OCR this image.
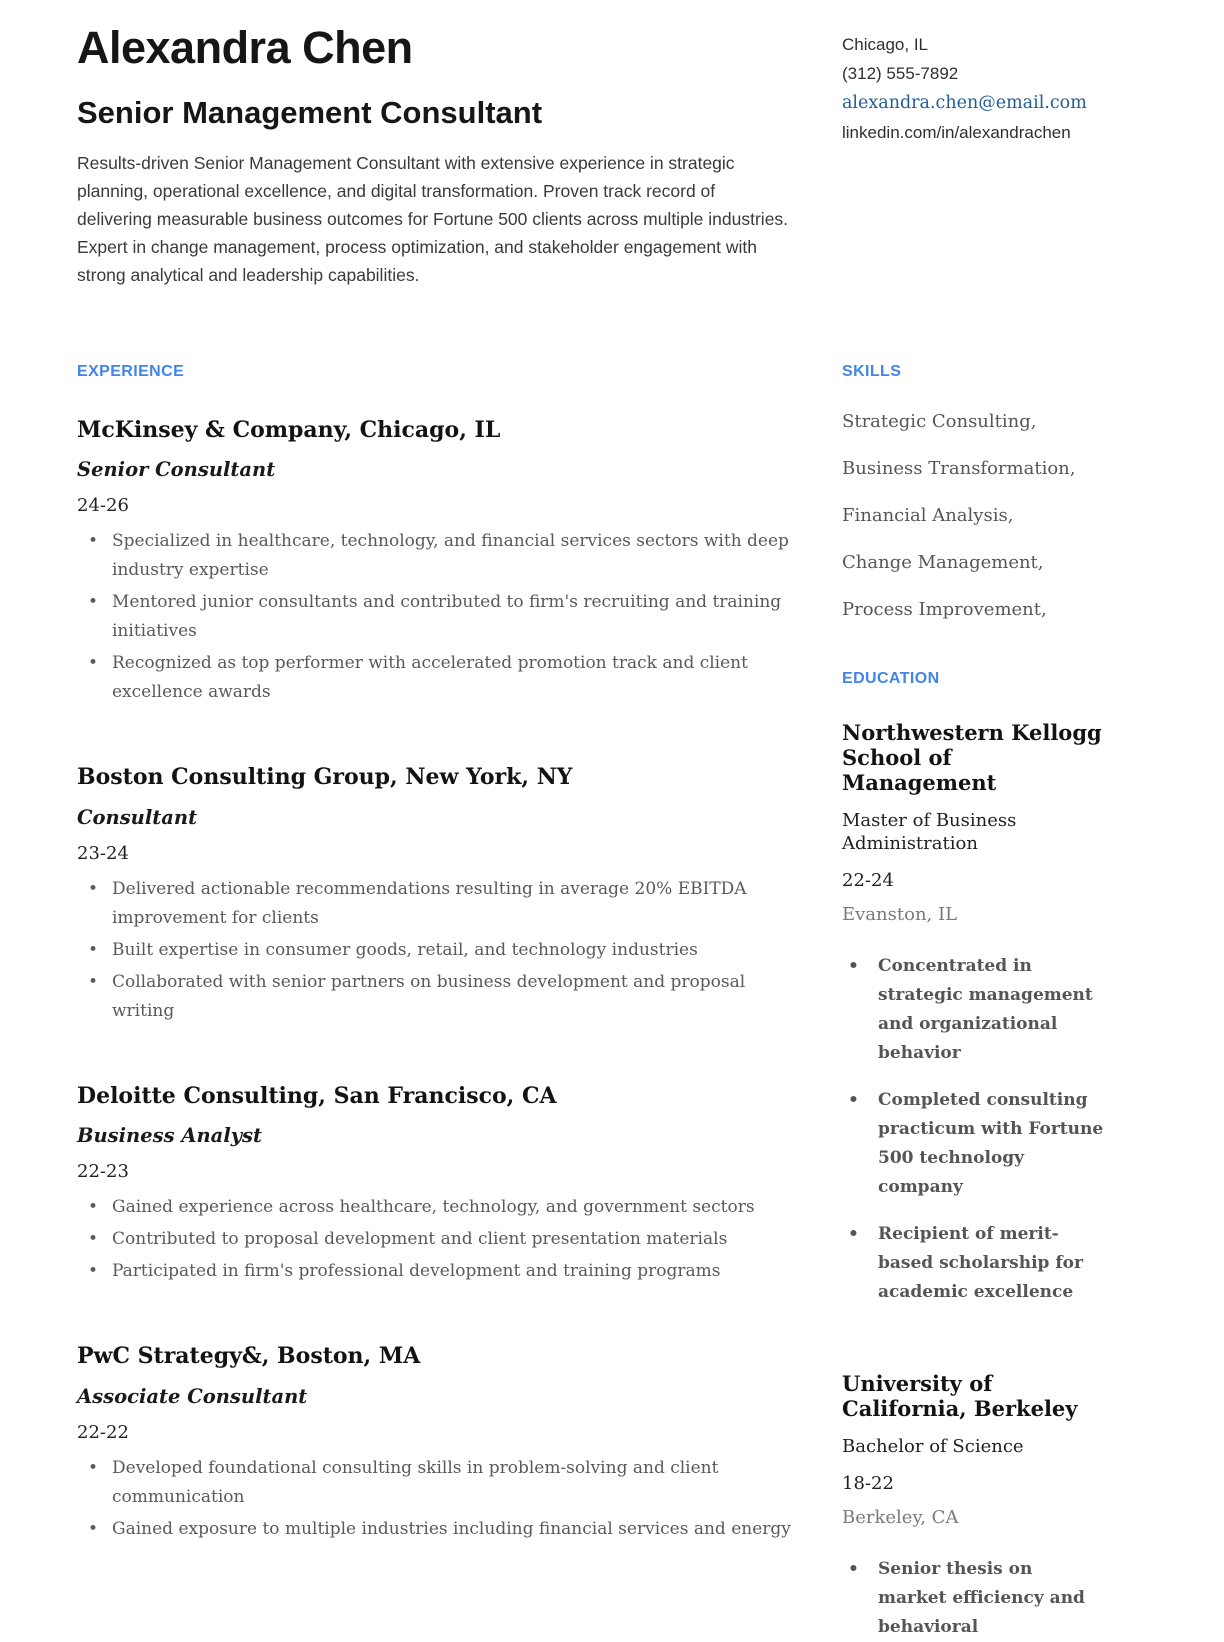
Alexandra Chen
Senior Management Consultant

Results-driven Senior Management Consultant with extensive experience in strategic planning, operational excellence, and digital transformation. Proven track record of delivering measurable business outcomes for Fortune 500 clients across multiple industries. Expert in change management, process optimization, and stakeholder engagement with strong analytical and leadership capabilities.

EXPERIENCE
McKinsey & Company, Chicago, IL
Senior Consultant
24-26
• Specialized in healthcare, technology, and financial services sectors with deep industry expertise
• Mentored junior consultants and contributed to firm's recruiting and training initiatives
• Recognized as top performer with accelerated promotion track and client excellence awards
Boston Consulting Group, New York, NY
Consultant
23-24
• Delivered actionable recommendations resulting in average 20% EBITDA improvement for clients
• Built expertise in consumer goods, retail, and technology industries
• Collaborated with senior partners on business development and proposal writing
Deloitte Consulting, San Francisco, CA
Business Analyst
22-23
• Gained experience across healthcare, technology, and government sectors
• Contributed to proposal development and client presentation materials
• Participated in firm's professional development and training programs
PwC Strategy&, Boston, MA
Associate Consultant
22-22
• Developed foundational consulting skills in problem-solving and client communication
• Gained exposure to multiple industries including financial services and energy
Chicago, IL
(312) 555-7892
alexandra.chen@email.com
linkedin.com/in/alexandrachen
SKILLS
Strategic Consulting,
Business Transformation,
Financial Analysis,
Change Management,
Process Improvement,
EDUCATION
Northwestern Kellogg School of Management
Master of Business Administration
22-24
Evanston, IL
• Concentrated in strategic management and organizational behavior
• Completed consulting practicum with Fortune 500 technology company
• Recipient of merit-based scholarship for academic excellence
University of California, Berkeley
Bachelor of Science
18-22
Berkeley, CA
• Senior thesis on market efficiency and behavioral
